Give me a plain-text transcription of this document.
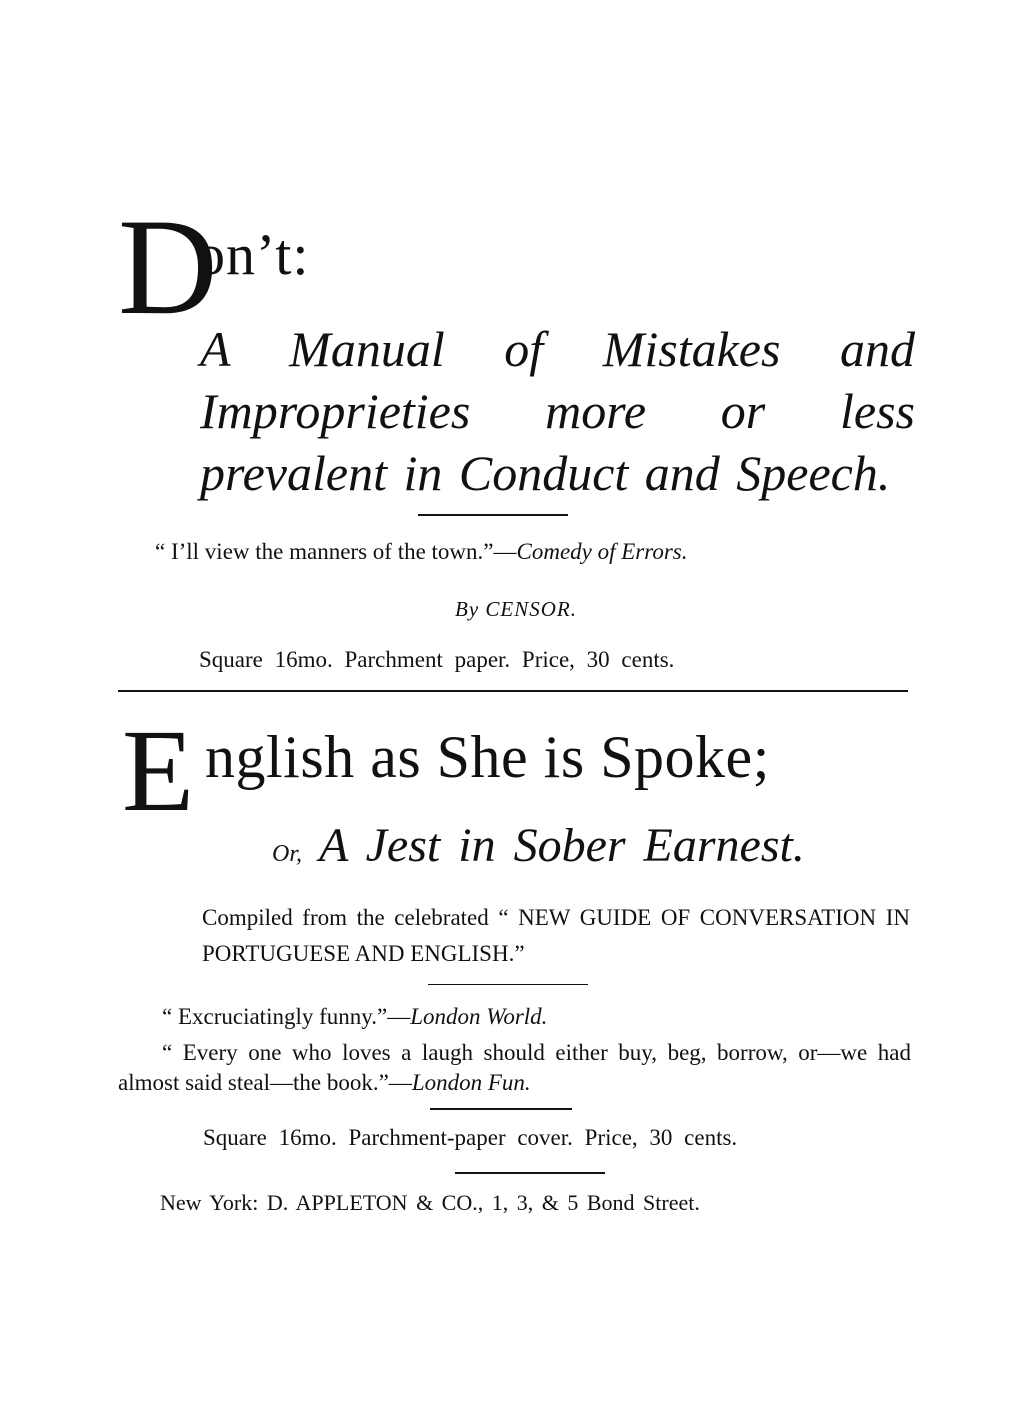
D
on’t:
A Manual of Mistakes and Improprieties more or less prevalent in Conduct and Speech.
“ I’ll view the manners of the town.”—Comedy of Errors.
By CENSOR.
Square 16mo. Parchment paper. Price, 30 cents.
E nglish as She is Spoke;
Or, A Jest in Sober Earnest.
Compiled from the celebrated “ NEW GUIDE OF CONVERSATION IN PORTUGUESE AND ENGLISH.”
“ Excruciatingly funny.”—London World.
“ Every one who loves a laugh should either buy, beg, borrow, or—we had almost said steal—the book.”—London Fun.
Square 16mo. Parchment-paper cover. Price, 30 cents.
New York: D. APPLETON & CO., 1, 3, & 5 Bond Street.
